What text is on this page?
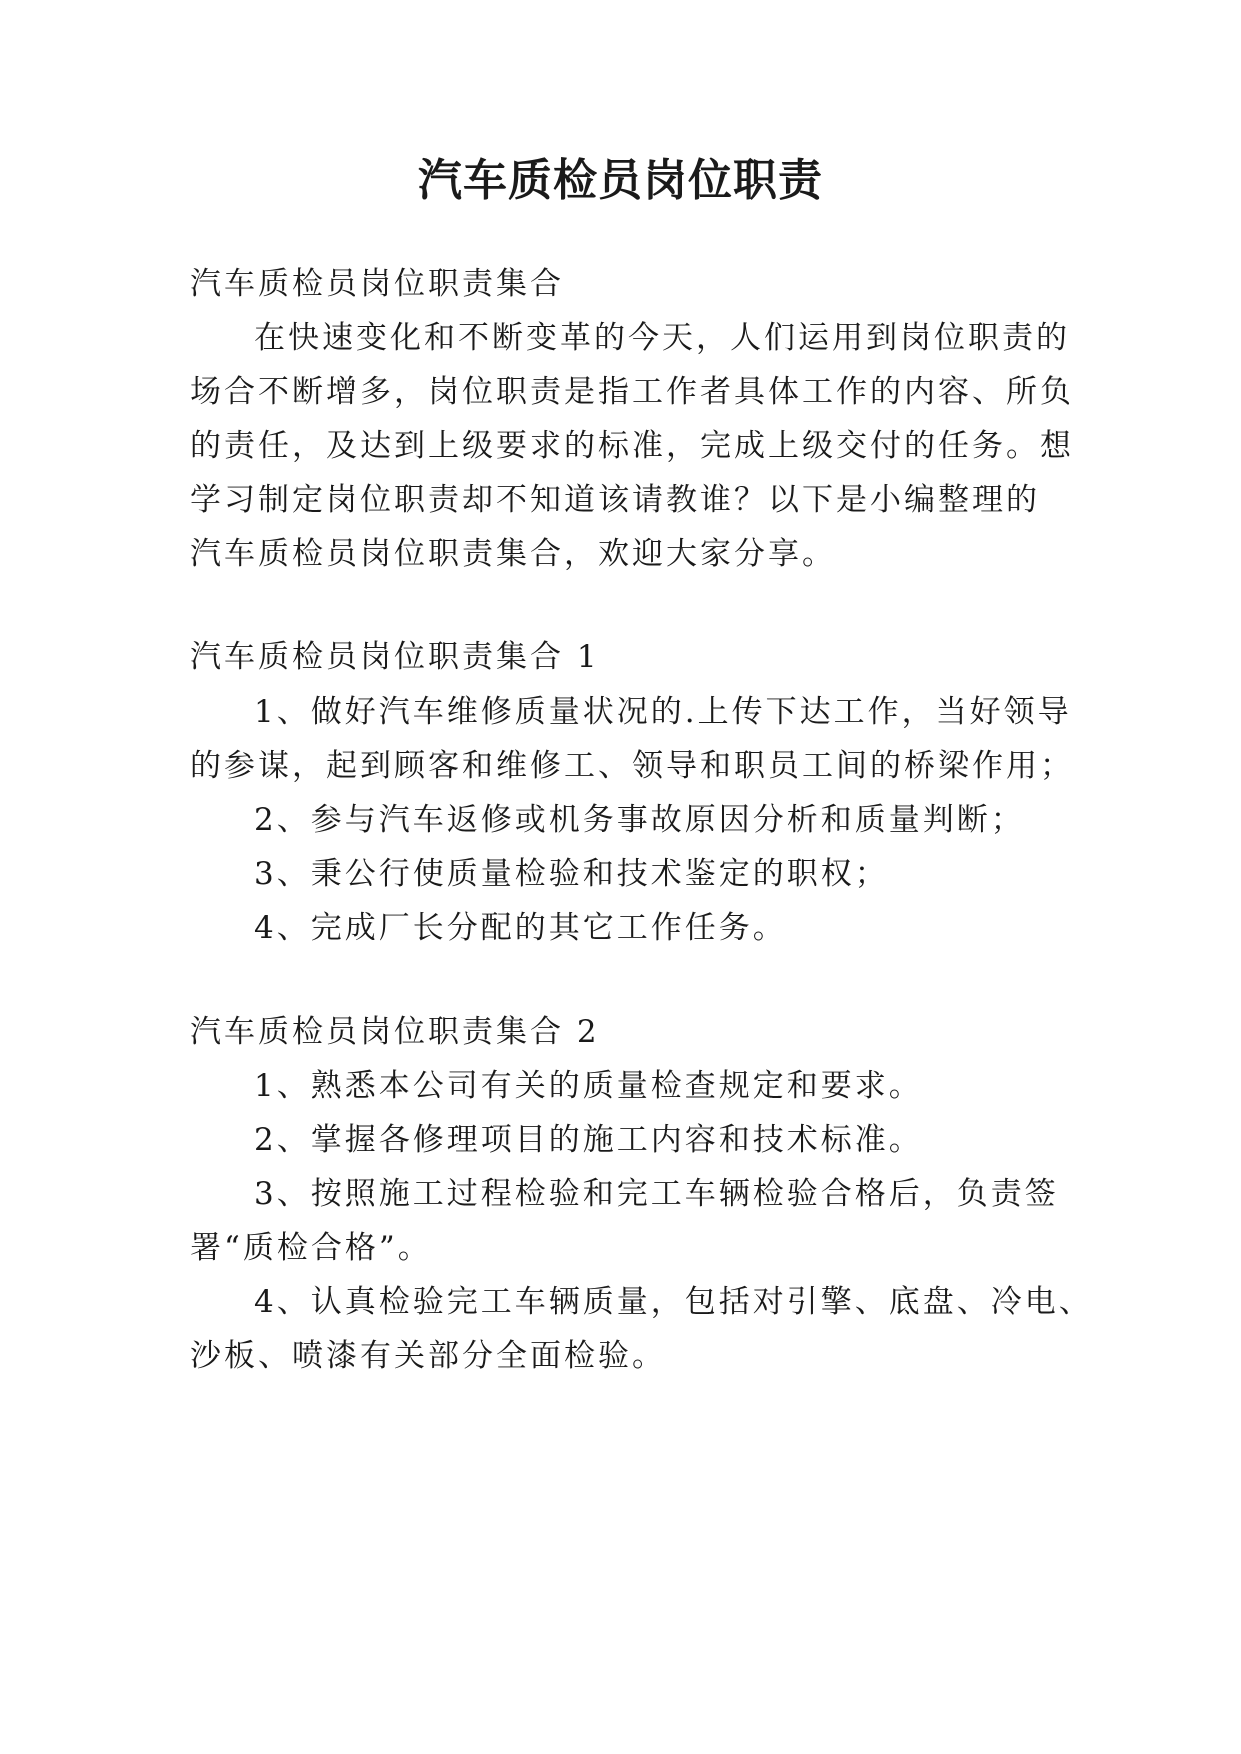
汽车质检员岗位职责
汽车质检员岗位职责集合
在快速变化和不断变革的今天，人们运用到岗位职责的
场合不断增多，岗位职责是指工作者具体工作的内容、所负
的责任，及达到上级要求的标准，完成上级交付的任务。想
学习制定岗位职责却不知道该请教谁？以下是小编整理的
汽车质检员岗位职责集合，欢迎大家分享。
汽车质检员岗位职责集合 1
1、做好汽车维修质量状况的.上传下达工作，当好领导
的参谋，起到顾客和维修工、领导和职员工间的桥梁作用；
2、参与汽车返修或机务事故原因分析和质量判断；
3、秉公行使质量检验和技术鉴定的职权；
4、完成厂长分配的其它工作任务。
汽车质检员岗位职责集合 2
1、熟悉本公司有关的质量检查规定和要求。
2、掌握各修理项目的施工内容和技术标准。
3、按照施工过程检验和完工车辆检验合格后，负责签
署“质检合格”。
4、认真检验完工车辆质量，包括对引擎、底盘、冷电、
沙板、喷漆有关部分全面检验。
